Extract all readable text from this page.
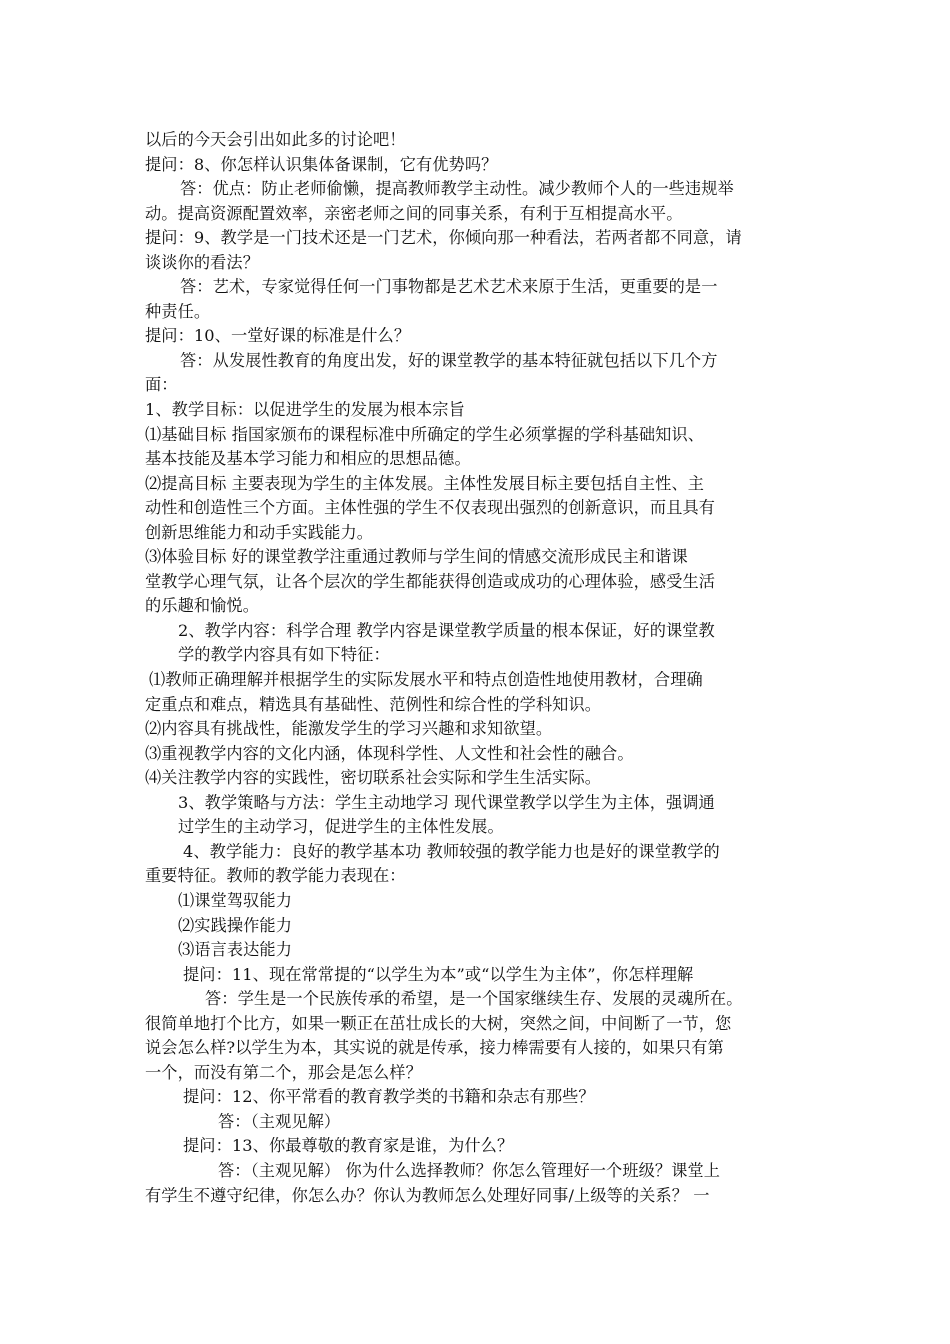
以后的今天会引出如此多的讨论吧！
提问：8、你怎样认识集体备课制，它有优势吗？
答：优点：防止老师偷懒，提高教师教学主动性。减少教师个人的一些违规举
动。提高资源配置效率，亲密老师之间的同事关系，有利于互相提高水平。
提问：9、教学是一门技术还是一门艺术，你倾向那一种看法，若两者都不同意，请
谈谈你的看法？
答：艺术，专家觉得任何一门事物都是艺术艺术来原于生活，更重要的是一
种责任。
提问：10、一堂好课的标准是什么？
答：从发展性教育的角度出发，好的课堂教学的基本特征就包括以下几个方
面：
1、教学目标：以促进学生的发展为根本宗旨
⑴基础目标 指国家颁布的课程标准中所确定的学生必须掌握的学科基础知识、
基本技能及基本学习能力和相应的思想品德。
⑵提高目标 主要表现为学生的主体发展。主体性发展目标主要包括自主性、主
动性和创造性三个方面。主体性强的学生不仅表现出强烈的创新意识，而且具有
创新思维能力和动手实践能力。
⑶体验目标 好的课堂教学注重通过教师与学生间的情感交流形成民主和谐课
堂教学心理气氛，让各个层次的学生都能获得创造或成功的心理体验，感受生活
的乐趣和愉悦。
2、教学内容：科学合理 教学内容是课堂教学质量的根本保证，好的课堂教
学的教学内容具有如下特征：
⑴教师正确理解并根据学生的实际发展水平和特点创造性地使用教材，合理确
定重点和难点，精选具有基础性、范例性和综合性的学科知识。
⑵内容具有挑战性，能激发学生的学习兴趣和求知欲望。
⑶重视教学内容的文化内涵，体现科学性、人文性和社会性的融合。
⑷关注教学内容的实践性，密切联系社会实际和学生生活实际。
3、教学策略与方法：学生主动地学习 现代课堂教学以学生为主体，强调通
过学生的主动学习，促进学生的主体性发展。
4、教学能力：良好的教学基本功 教师较强的教学能力也是好的课堂教学的
重要特征。教师的教学能力表现在：
⑴课堂驾驭能力
⑵实践操作能力
⑶语言表达能力
提问：11、现在常常提的“以学生为本”或“以学生为主体”，你怎样理解
答：学生是一个民族传承的希望，是一个国家继续生存、发展的灵魂所在。
很简单地打个比方，如果一颗正在茁壮成长的大树，突然之间，中间断了一节，您
说会怎么样?以学生为本，其实说的就是传承，接力棒需要有人接的，如果只有第
一个，而没有第二个，那会是怎么样？
提问：12、你平常看的教育教学类的书籍和杂志有那些？
答：（主观见解）
提问：13、你最尊敬的教育家是谁，为什么？
答：（主观见解） 你为什么选择教师？你怎么管理好一个班级？课堂上
有学生不遵守纪律，你怎么办？你认为教师怎么处理好同事/上级等的关系？ 一
